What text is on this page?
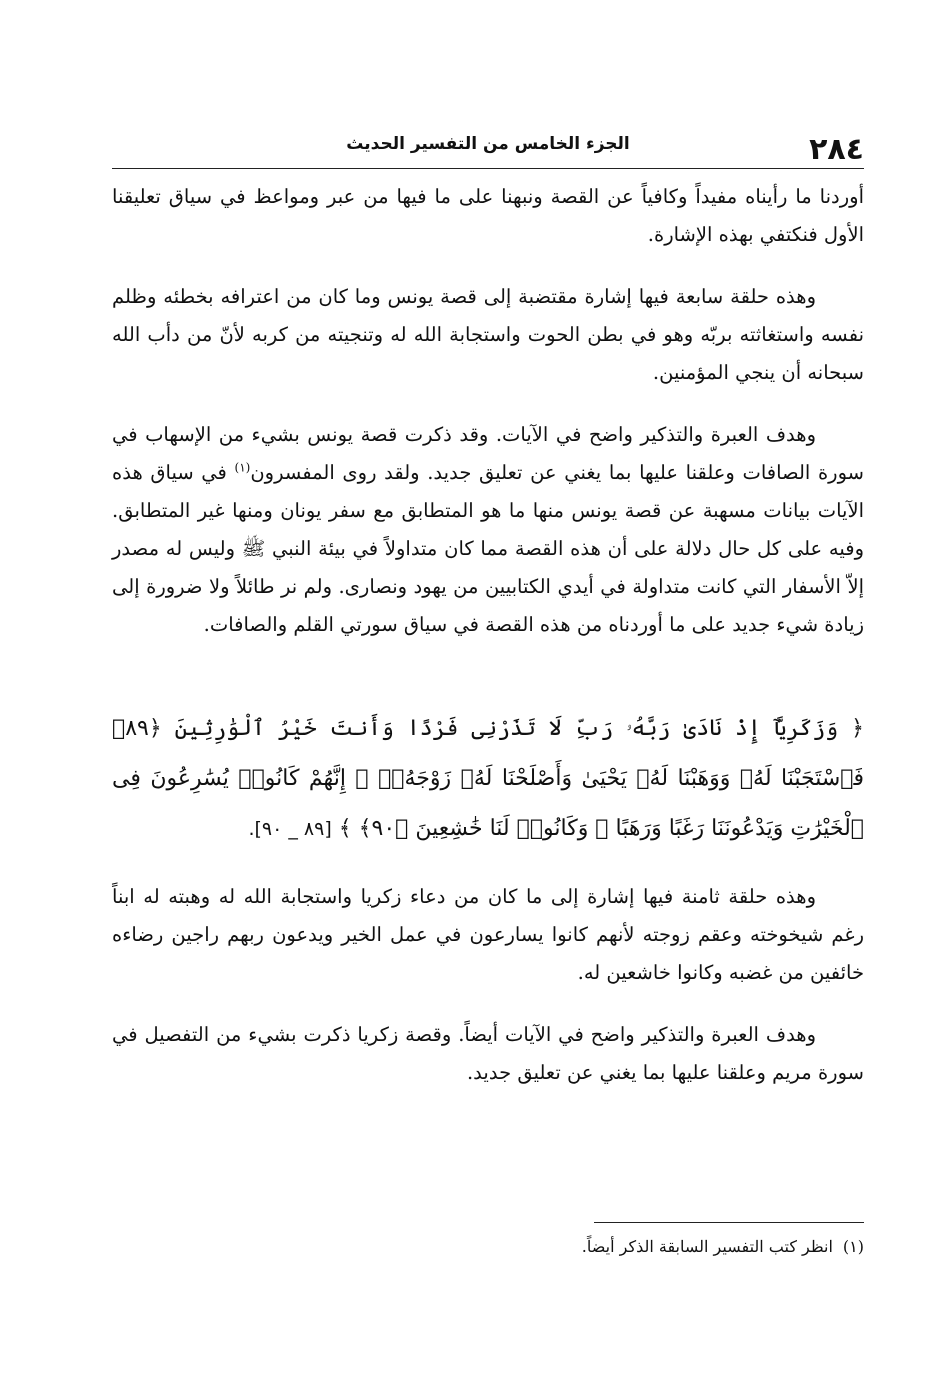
٢٨٤
الجزء الخامس من التفسير الحديث

أوردنا ما رأيناه مفيداً وكافياً عن القصة ونبهنا على ما فيها من عبر ومواعظ في سياق تعليقنا الأول فنكتفي بهذه الإشارة.

وهذه حلقة سابعة فيها إشارة مقتضبة إلى قصة يونس وما كان من اعترافه بخطئه وظلم نفسه واستغاثته بربّه وهو في بطن الحوت واستجابة الله له وتنجيته من كربه لأنّ من دأب الله سبحانه أن ينجي المؤمنين.

وهدف العبرة والتذكير واضح في الآيات. وقد ذكرت قصة يونس بشيء من الإسهاب في سورة الصافات وعلقنا عليها بما يغني عن تعليق جديد. ولقد روى المفسرون$^{(١)}$ في سياق هذه الآيات بيانات مسهبة عن قصة يونس منها ما هو المتطابق مع سفر يونان ومنها غير المتطابق. وفيه على كل حال دلالة على أن هذه القصة مما كان متداولاً في بيئة النبي ﷺ وليس له مصدر إلاّ الأسفار التي كانت متداولة في أيدي الكتابيين من يهود ونصارى. ولم نر طائلاً ولا ضرورة إلى زيادة شيء جديد على ما أوردناه من هذه القصة في سياق سورتي القلم والصافات.

﴿ وَزَكَرِيَّآ إِذْ نَادَىٰ رَبَّهُۥ رَبِّ لَا تَذَرْنِى فَرْدًا وَأَنتَ خَيْرُ ٱلْوَٰرِثِينَ ﴿٨٩﴾ فَٱسْتَجَبْنَا لَهُۥ وَوَهَبْنَا لَهُۥ يَحْيَىٰ وَأَصْلَحْنَا لَهُۥ زَوْجَهُۥٓ ۚ إِنَّهُمْ كَانُوا۟ يُسَٰرِعُونَ فِى ٱلْخَيْرَٰتِ وَيَدْعُونَنَا رَغَبًا وَرَهَبًا ۖ وَكَانُوا۟ لَنَا خَٰشِعِينَ ﴿٩٠﴾ ﴾ [٨٩ _ ٩٠].

وهذه حلقة ثامنة فيها إشارة إلى ما كان من دعاء زكريا واستجابة الله له وهبته له ابناً رغم شيخوخته وعقم زوجته لأنهم كانوا يسارعون في عمل الخير ويدعون ربهم راجين رضاءه خائفين من غضبه وكانوا خاشعين له.

وهدف العبرة والتذكير واضح في الآيات أيضاً. وقصة زكريا ذكرت بشيء من التفصيل في سورة مريم وعلقنا عليها بما يغني عن تعليق جديد.

(١)انظر كتب التفسير السابقة الذكر أيضاً.
